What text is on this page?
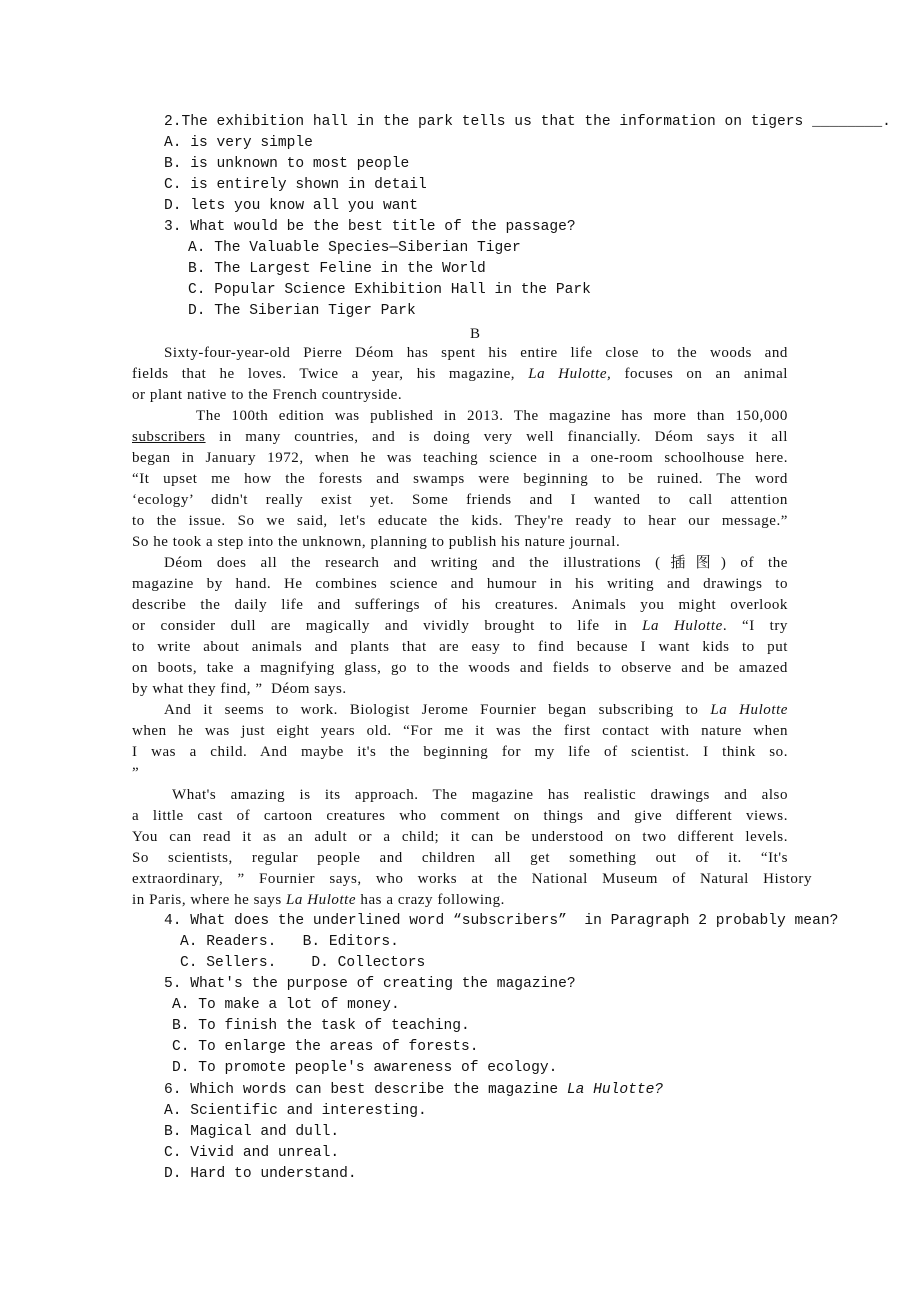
2.The exhibition hall in the park tells us that the information on tigers ________.
A. is very simple
B. is unknown to most people
C. is entirely shown in detail
D. lets you know all you want
3. What would be the best title of the passage?
A. The Valuable Species—Siberian Tiger
B. The Largest Feline in the World
C. Popular Science Exhibition Hall in the Park
D. The Siberian Tiger Park
B
Sixty-four-year-old Pierre Déom has spent his entire life close to the woods and
fields that he loves. Twice a year, his magazine, La Hulotte, focuses on an animal
or plant native to the French countryside.
The 100th edition was published in 2013. The magazine has more than 150,000
subscribers in many countries, and is doing very well financially. Déom says it all
began in January 1972, when he was teaching science in a one-room schoolhouse here.
“It upset me how the forests and swamps were beginning to be ruined. The word
‘ecology’ didn't really exist yet. Some friends and I wanted to call attention
to the issue. So we said, let's educate the kids. They're ready to hear our message.”
So he took a step into the unknown, planning to publish his nature journal.
Déom does all the research and writing and the illustrations (插图) of the
magazine by hand. He combines science and humour in his writing and drawings to
describe the daily life and sufferings of his creatures. Animals you might overlook
or consider dull are magically and vividly brought to life in La Hulotte. “I try
to write about animals and plants that are easy to find because I want kids to put
on boots, take a magnifying glass, go to the woods and fields to observe and be amazed
by what they find, ”  Déom says.
And it seems to work. Biologist Jerome Fournier began subscribing to La Hulotte
when he was just eight years old. “For me it was the first contact with nature when
I was a child. And maybe it's the beginning for my life of scientist. I think so.
”
What's amazing is its approach. The magazine has realistic drawings and also
a little cast of cartoon creatures who comment on things and give different views.
You can read it as an adult or a child; it can be understood on two different levels.
So scientists, regular people and children all get something out of it. “It's
extraordinary, ” Fournier says, who works at the National Museum of Natural History
in Paris, where he says La Hulotte has a crazy following.
4. What does the underlined word “subscribers”  in Paragraph 2 probably mean?
A. Readers.   B. Editors.
C. Sellers.    D. Collectors
5. What's the purpose of creating the magazine?
A. To make a lot of money.
B. To finish the task of teaching.
C. To enlarge the areas of forests.
D. To promote people's awareness of ecology.
6. Which words can best describe the magazine La Hulotte?
A. Scientific and interesting.
B. Magical and dull.
C. Vivid and unreal.
D. Hard to understand.
